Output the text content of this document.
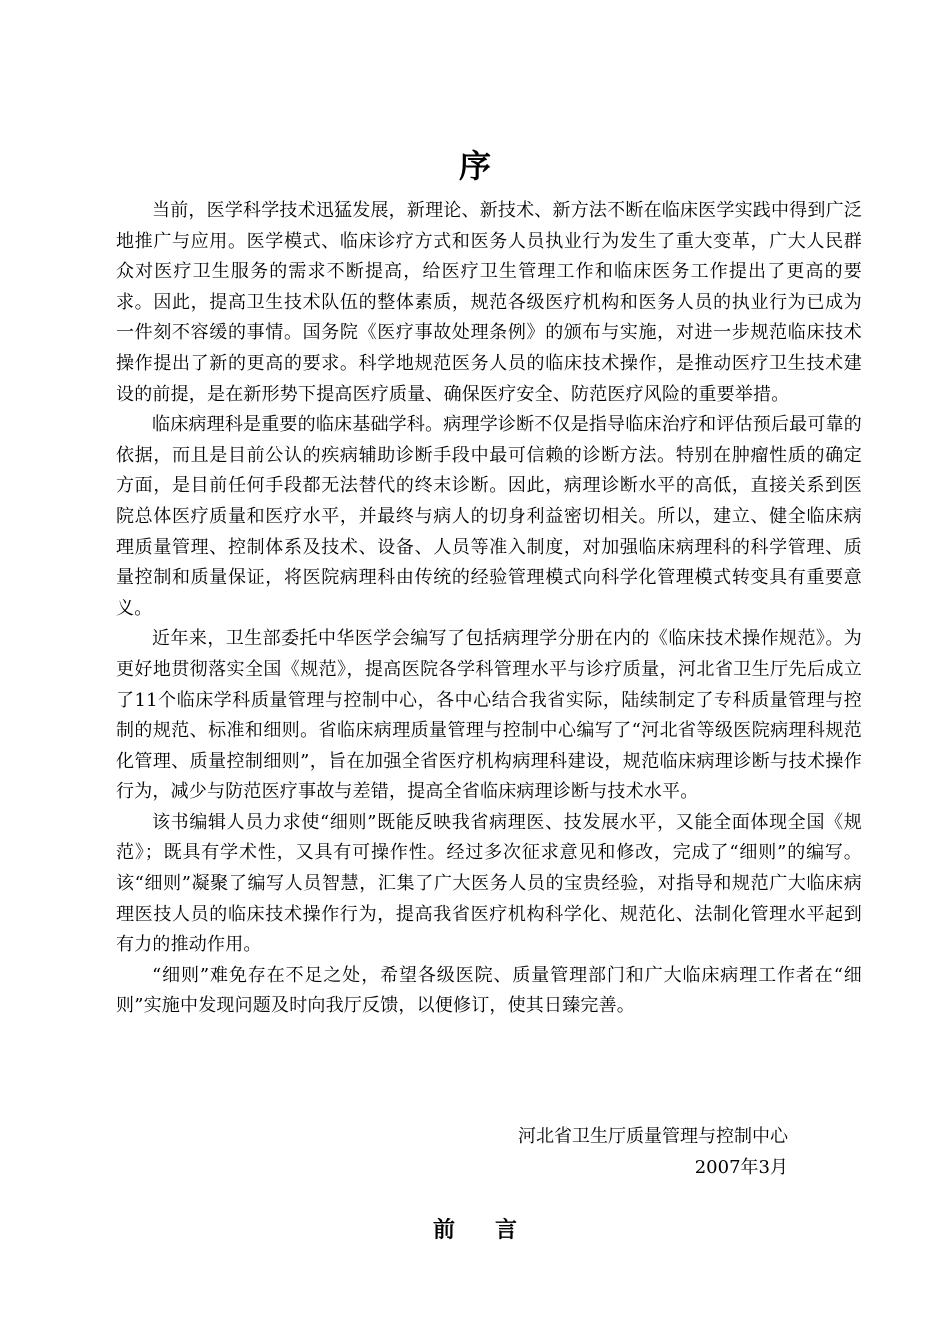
序

当前，医学科学技术迅猛发展，新理论、新技术、新方法不断在临床医学实践中得到广泛地推广与应用。医学模式、临床诊疗方式和医务人员执业行为发生了重大变革，广大人民群众对医疗卫生服务的需求不断提高，给医疗卫生管理工作和临床医务工作提出了更高的要求。因此，提高卫生技术队伍的整体素质，规范各级医疗机构和医务人员的执业行为已成为一件刻不容缓的事情。国务院《医疗事故处理条例》的颁布与实施，对进一步规范临床技术操作提出了新的更高的要求。科学地规范医务人员的临床技术操作，是推动医疗卫生技术建设的前提，是在新形势下提高医疗质量、确保医疗安全、防范医疗风险的重要举措。

临床病理科是重要的临床基础学科。病理学诊断不仅是指导临床治疗和评估预后最可靠的依据，而且是目前公认的疾病辅助诊断手段中最可信赖的诊断方法。特别在肿瘤性质的确定方面，是目前任何手段都无法替代的终末诊断。因此，病理诊断水平的高低，直接关系到医院总体医疗质量和医疗水平，并最终与病人的切身利益密切相关。所以，建立、健全临床病理质量管理、控制体系及技术、设备、人员等准入制度，对加强临床病理科的科学管理、质量控制和质量保证，将医院病理科由传统的经验管理模式向科学化管理模式转变具有重要意义。

近年来，卫生部委托中华医学会编写了包括病理学分册在内的《临床技术操作规范》。为更好地贯彻落实全国《规范》，提高医院各学科管理水平与诊疗质量，河北省卫生厅先后成立了11个临床学科质量管理与控制中心，各中心结合我省实际，陆续制定了专科质量管理与控制的规范、标准和细则。省临床病理质量管理与控制中心编写了“河北省等级医院病理科规范化管理、质量控制细则”，旨在加强全省医疗机构病理科建设，规范临床病理诊断与技术操作行为，减少与防范医疗事故与差错，提高全省临床病理诊断与技术水平。

该书编辑人员力求使“细则”既能反映我省病理医、技发展水平，又能全面体现全国《规范》；既具有学术性，又具有可操作性。经过多次征求意见和修改，完成了“细则”的编写。该“细则”凝聚了编写人员智慧，汇集了广大医务人员的宝贵经验，对指导和规范广大临床病理医技人员的临床技术操作行为，提高我省医疗机构科学化、规范化、法制化管理水平起到有力的推动作用。

“细则”难免存在不足之处，希望各级医院、质量管理部门和广大临床病理工作者在“细则”实施中发现问题及时向我厅反馈，以便修订，使其日臻完善。

河北省卫生厅质量管理与控制中心

2007年3月

前言
